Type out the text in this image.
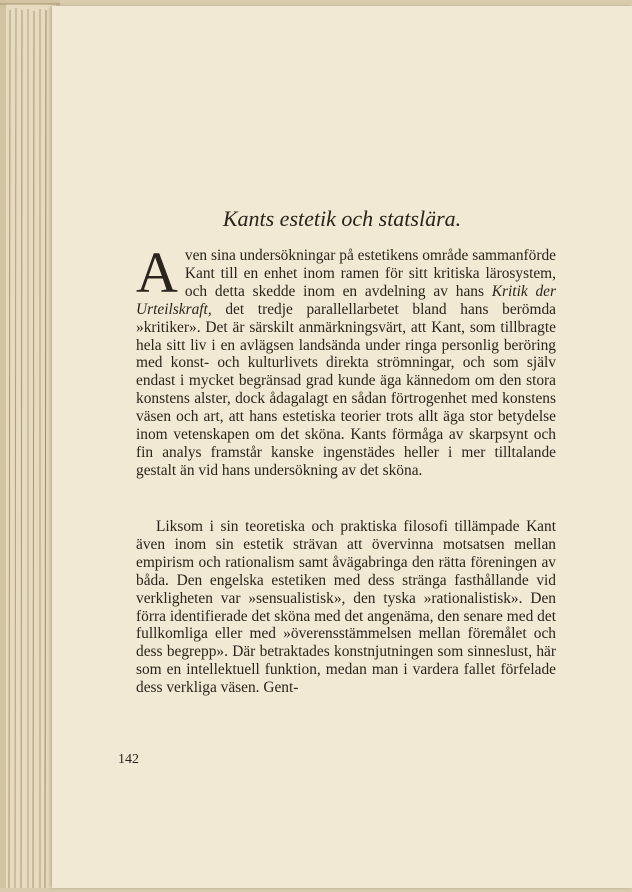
Kants estetik och statslära.
Aven sina undersökningar på estetikens område sammanförde Kant till en enhet inom ramen för sitt kritiska lärosystem, och detta skedde inom en avdelning av hans Kritik der Urteilskraft, det tredje parallellarbetet bland hans berömda »kritiker». Det är särskilt anmärkningsvärt, att Kant, som tillbragte hela sitt liv i en avlägsen landsända under ringa personlig beröring med konst- och kulturlivets direkta strömningar, och som själv endast i mycket begränsad grad kunde äga kännedom om den stora konstens alster, dock ådagalagt en sådan förtrogenhet med konstens väsen och art, att hans estetiska teorier trots allt äga stor betydelse inom vetenskapen om det sköna. Kants förmåga av skarpsynt och fin analys framstår kanske ingenstädes heller i mer tilltalande gestalt än vid hans undersökning av det sköna.
Liksom i sin teoretiska och praktiska filosofi tillämpade Kant även inom sin estetik strävan att övervinna motsatsen mellan empirism och rationalism samt åvägabringa den rätta föreningen av båda. Den engelska estetiken med dess stränga fasthållande vid verkligheten var »sensualistisk», den tyska »rationalistisk». Den förra identifierade det sköna med det angenäma, den senare med det fullkomliga eller med »överensstämmelsen mellan föremålet och dess begrepp». Där betraktades konstnjutningen som sinneslust, här som en intellektuell funktion, medan man i vardera fallet förfelade dess verkliga väsen. Gent-
142
